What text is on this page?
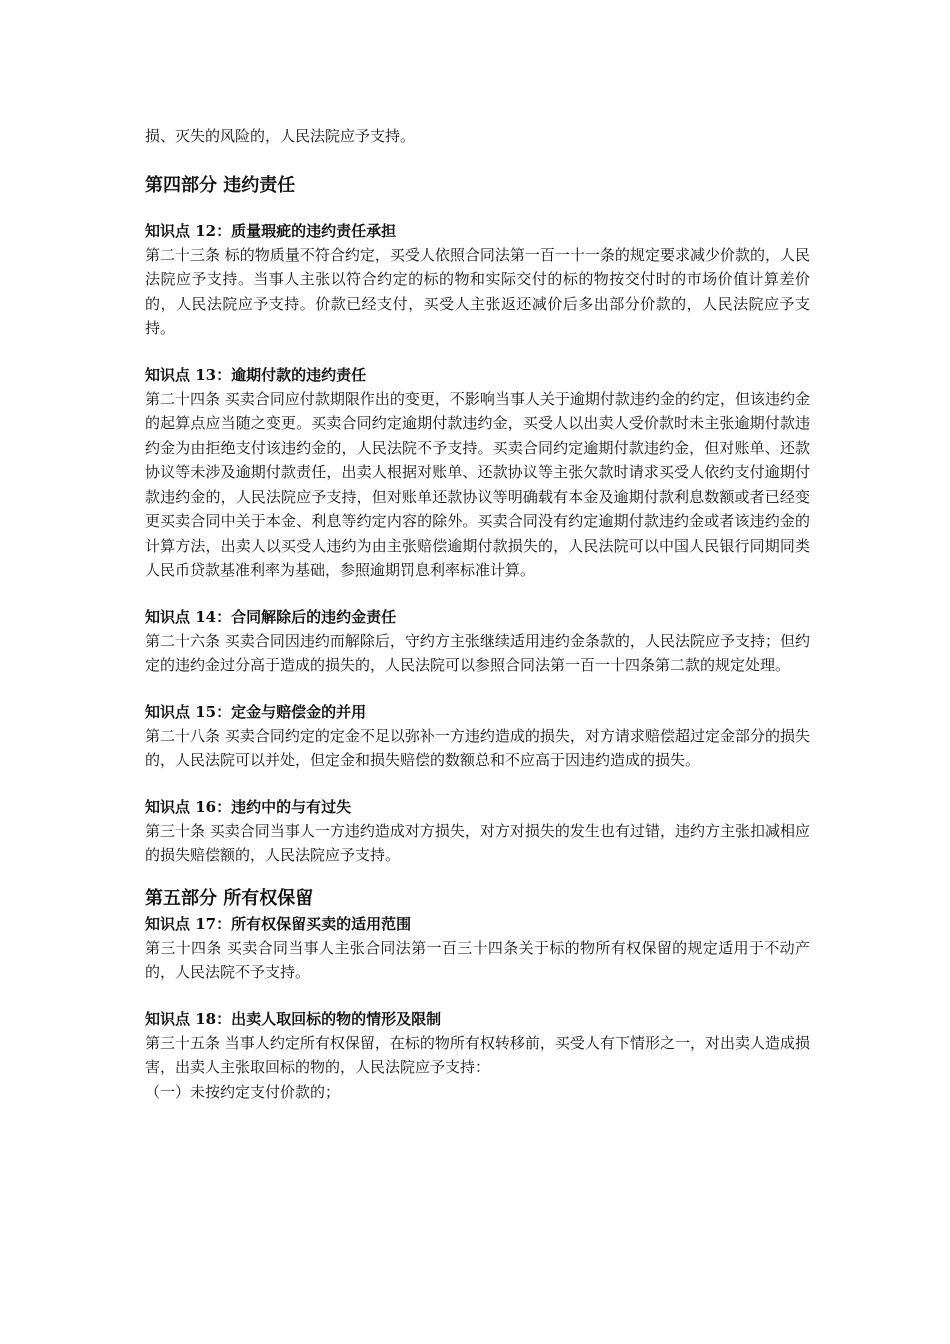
损、灭失的风险的，人民法院应予支持。

第四部分 违约责任
知识点 12：质量瑕疵的违约责任承担

第二十三条 标的物质量不符合约定，买受人依照合同法第一百一十一条的规定要求减少价款的，人民法院应予支持。当事人主张以符合约定的标的物和实际交付的标的物按交付时的市场价值计算差价的，人民法院应予支持。价款已经支付，买受人主张返还减价后多出部分价款的，人民法院应予支持。

知识点 13：逾期付款的违约责任

第二十四条 买卖合同应付款期限作出的变更，不影响当事人关于逾期付款违约金的约定，但该违约金的起算点应当随之变更。买卖合同约定逾期付款违约金，买受人以出卖人受价款时未主张逾期付款违约金为由拒绝支付该违约金的，人民法院不予支持。买卖合同约定逾期付款违约金，但对账单、还款协议等未涉及逾期付款责任，出卖人根据对账单、还款协议等主张欠款时请求买受人依约支付逾期付款违约金的，人民法院应予支持，但对账单还款协议等明确载有本金及逾期付款利息数额或者已经变更买卖合同中关于本金、利息等约定内容的除外。买卖合同没有约定逾期付款违约金或者该违约金的计算方法，出卖人以买受人违约为由主张赔偿逾期付款损失的，人民法院可以中国人民银行同期同类人民币贷款基准利率为基础，参照逾期罚息利率标准计算。

知识点 14：合同解除后的违约金责任

第二十六条 买卖合同因违约而解除后，守约方主张继续适用违约金条款的，人民法院应予支持；但约定的违约金过分高于造成的损失的，人民法院可以参照合同法第一百一十四条第二款的规定处理。

知识点 15：定金与赔偿金的并用

第二十八条 买卖合同约定的定金不足以弥补一方违约造成的损失，对方请求赔偿超过定金部分的损失的，人民法院可以并处，但定金和损失赔偿的数额总和不应高于因违约造成的损失。

知识点 16：违约中的与有过失

第三十条 买卖合同当事人一方违约造成对方损失，对方对损失的发生也有过错，违约方主张扣减相应的损失赔偿额的，人民法院应予支持。

第五部分 所有权保留
知识点 17：所有权保留买卖的适用范围

第三十四条 买卖合同当事人主张合同法第一百三十四条关于标的物所有权保留的规定适用于不动产的，人民法院不予支持。

知识点 18：出卖人取回标的物的情形及限制

第三十五条 当事人约定所有权保留，在标的物所有权转移前，买受人有下情形之一，对出卖人造成损害，出卖人主张取回标的物的，人民法院应予支持：

（一）未按约定支付价款的；
